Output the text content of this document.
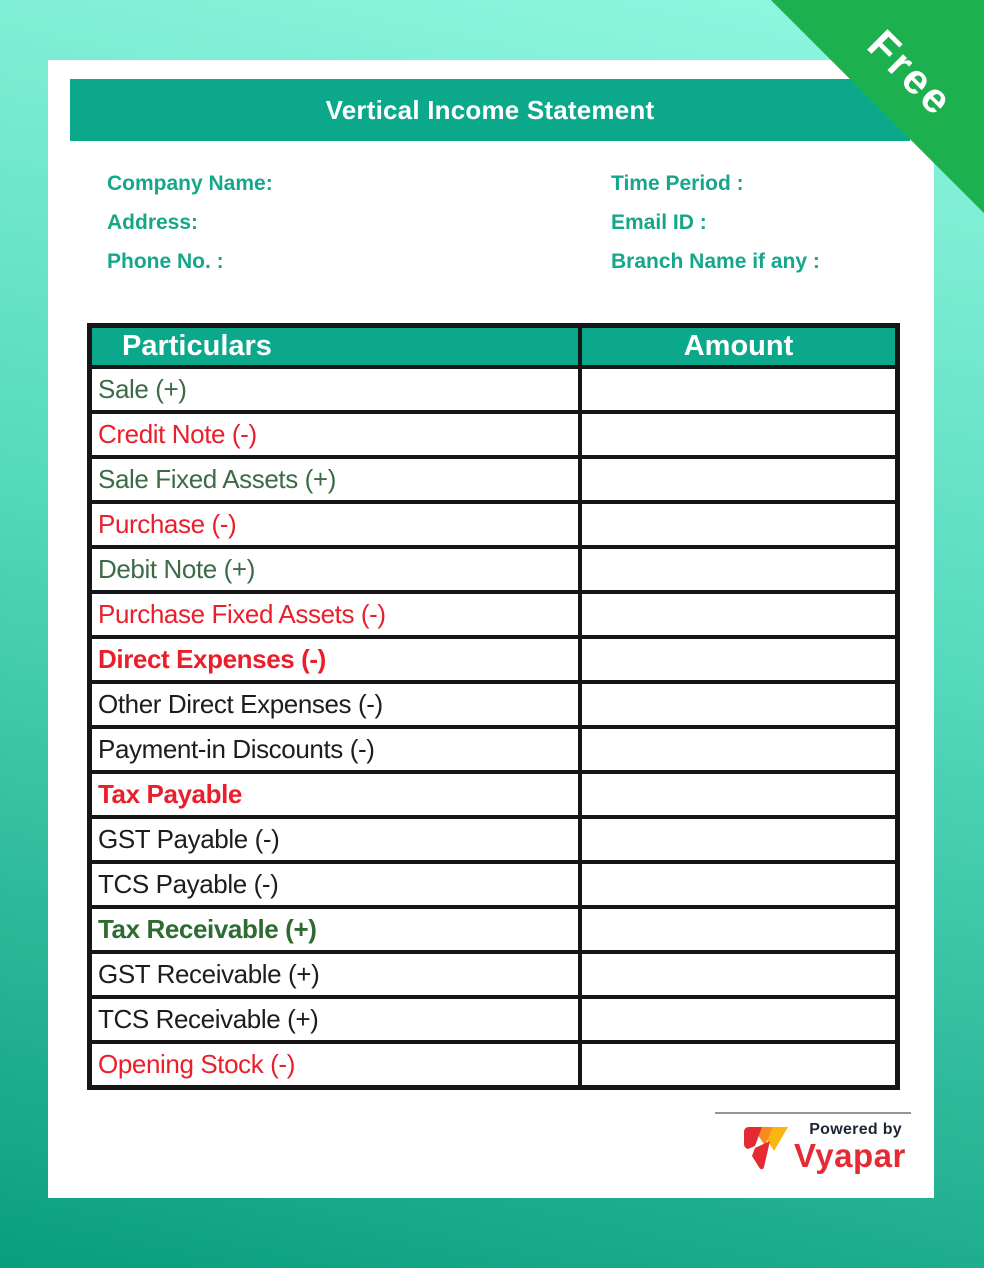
Vertical Income Statement
Company Name:
Address:
Phone No. :
Time Period :
Email ID :
Branch Name if any :
Particulars	Amount
Sale (+)	
Credit Note (-)	
Sale Fixed Assets (+)	
Purchase (-)	
Debit Note (+)	
Purchase Fixed Assets (-)	
Direct Expenses (-)	
Other Direct Expenses (-)	
Payment-in Discounts (-)	
Tax Payable	
GST Payable (-)	
TCS Payable (-)	
Tax Receivable (+)	
GST Receivable (+)	
TCS Receivable (+)	
Opening Stock (-)	
Powered by
Vyapar
Free
